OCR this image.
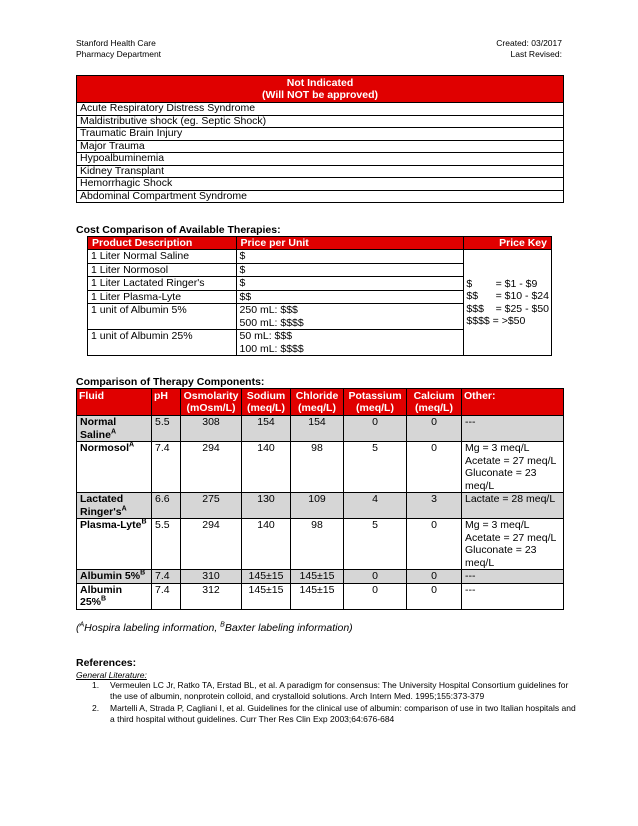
Stanford Health Care
Pharmacy Department
Created: 03/2017
Last Revised:
Not Indicated
(Will NOT be approved)

Acute Respiratory Distress Syndrome
Maldistributive shock (eg. Septic Shock)
Traumatic Brain Injury
Major Trauma
Hypoalbuminemia
Kidney Transplant
Hemorrhagic Shock
Abdominal Compartment Syndrome
Cost Comparison of Available Therapies:
Product Description	Price per Unit	Price Key
1 Liter Normal Saline	$	$        = $1 - $9
$$      = $10 - $24
$$$    = $25 - $50
$$$$ = >$50

1 Liter Normosol	$	
1 Liter Lactated Ringer's	$	
1 Liter Plasma-Lyte	$$	
1 unit of Albumin 5%	250 mL: $$$
500 mL: $$$$	

1 unit of Albumin 25%	50 mL: $$$
100 mL: $$$$	
Comparison of Therapy Components:
Fluid	pH	Osmolarity (mOsm/L)	Sodium (meq/L)	Chloride (meq/L)	Potassium (meq/L)	Calcium (meq/L)	Other:
Normal Saline$^A$	5.5	308	154	154	0	0	---
Normosol$^A$	7.4	294	140	98	5	0	Mg = 3 meq/L Acetate = 27 meq/L Gluconate = 23 meq/L
Lactated $Ringer's^A$	6.6	275	130	109	4	3	Lactate = 28 meq/L
Plasma-Lyte$^B$	5.5	294	140	98	5	0	Mg = 3 meq/L Acetate = 27 meq/L Gluconate = 23 meq/L
Albumin 5%$^B$	7.4	310	145±15	145±15	0	0	---
Albumin 25%$^B$	7.4	312	145±15	145±15	0	0	---
($^A$Hospira labeling information, $^B$Baxter labeling information)
References:
General Literature:
1. Vermeulen LC Jr, Ratko TA, Erstad BL, et al. A paradigm for consensus: The University Hospital Consortium guidelines for the use of albumin, nonprotein colloid, and crystalloid solutions. Arch Intern Med. 1995;155:373-379
2. Martelli A, Strada P, Cagliani I, et al. Guidelines for the clinical use of albumin: comparison of use in two Italian hospitals and a third hospital without guidelines. Curr Ther Res Clin Exp 2003;64:676-684
